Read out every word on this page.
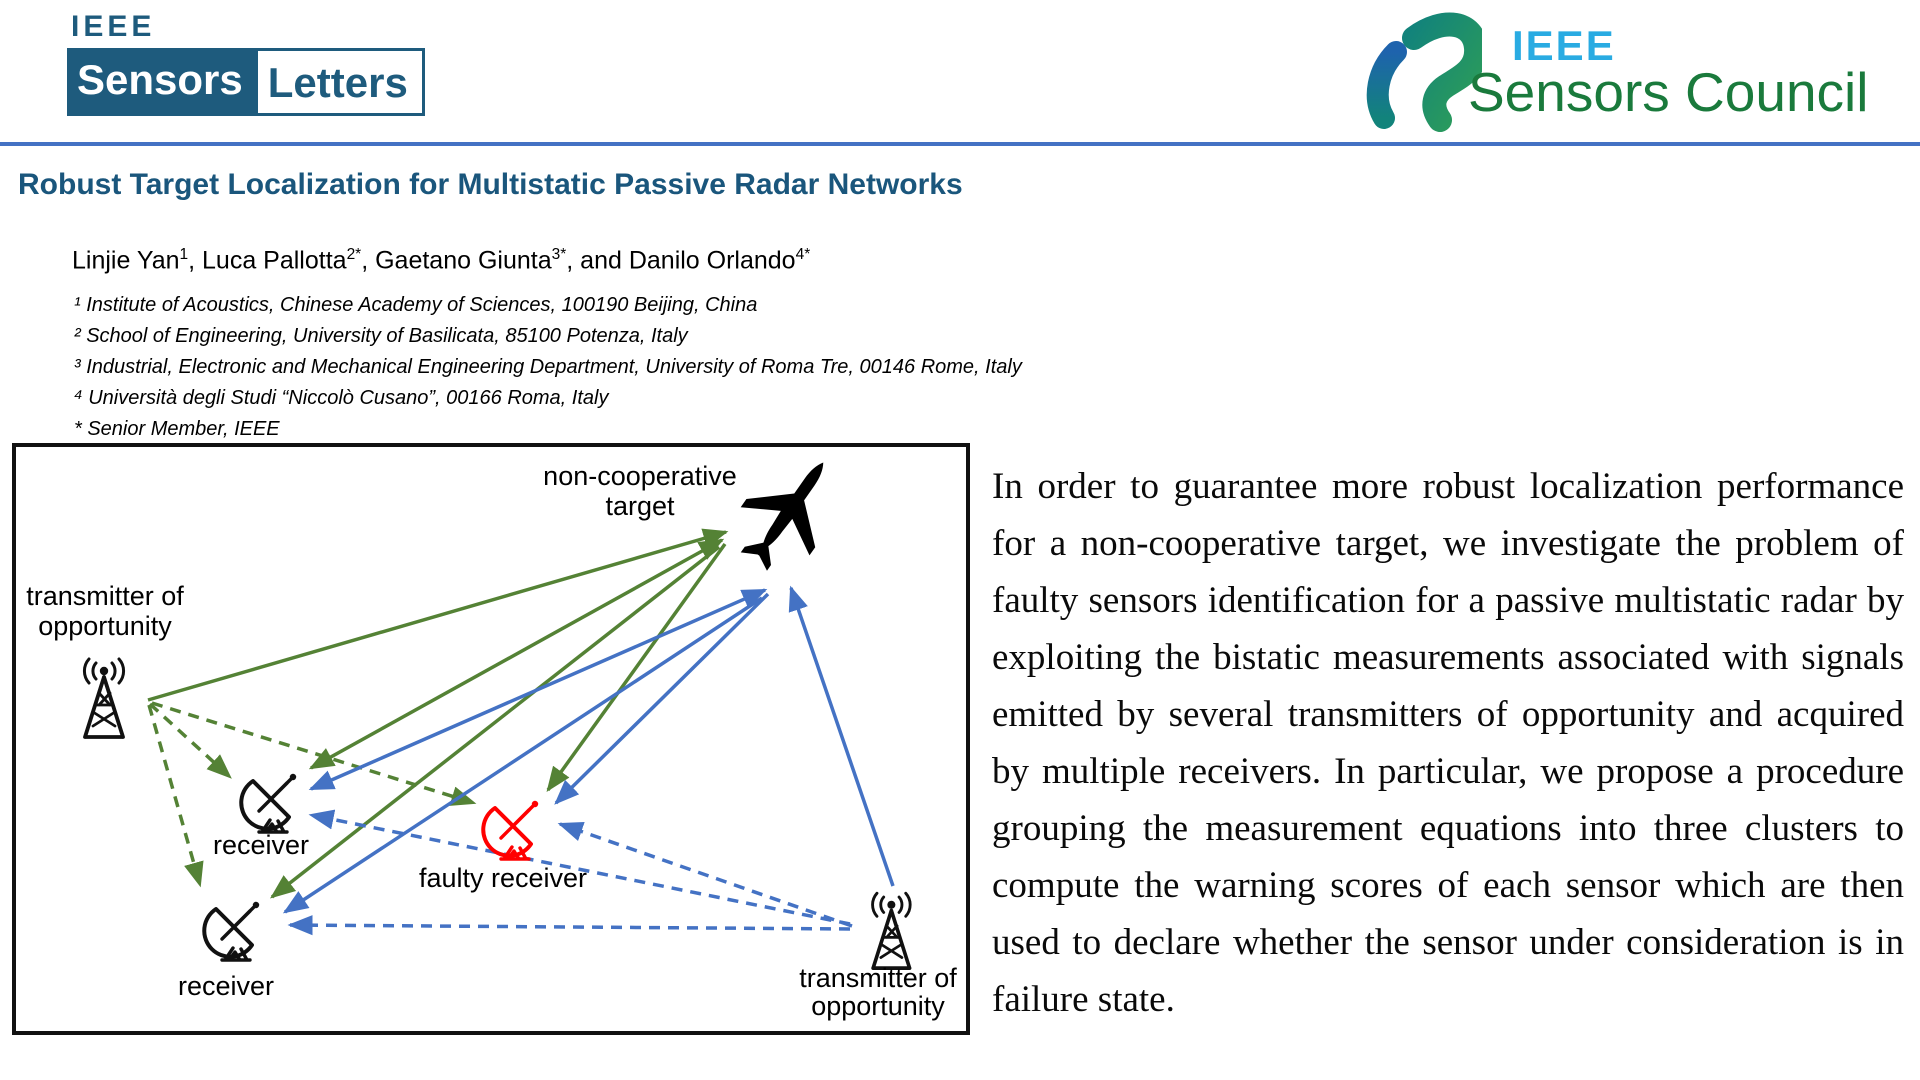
IEEE
Sensors Letters
IEEE
Sensors Council
Robust Target Localization for Multistatic Passive Radar Networks
Linjie Yan$^1$, Luca Pallotta$^{2*}$, Gaetano Giunta$^{3*}$, and Danilo Orlando$^{4*}$
¹ Institute of Acoustics, Chinese Academy of Sciences, 100190 Beijing, China
² School of Engineering, University of Basilicata, 85100 Potenza, Italy
³ Industrial, Electronic and Mechanical Engineering Department, University of Roma Tre, 00146 Rome, Italy
⁴ Università degli Studi “Niccolò Cusano”, 00166 Roma, Italy
* Senior Member, IEEE
non-cooperative
target
transmitter of
opportunity
receiver
faulty receiver
receiver	transmitter of
opportunity
In order to guarantee more robust localization performance for a non-cooperative target, we investigate the problem of faulty sensors identification for a passive multistatic radar by exploiting the bistatic measurements associated with signals emitted by several transmitters of opportunity and acquired by multiple receivers. In particular, we propose a procedure grouping the measurement equations into three clusters to compute the warning scores of each sensor which are then used to declare whether the sensor under consideration is in failure state.
